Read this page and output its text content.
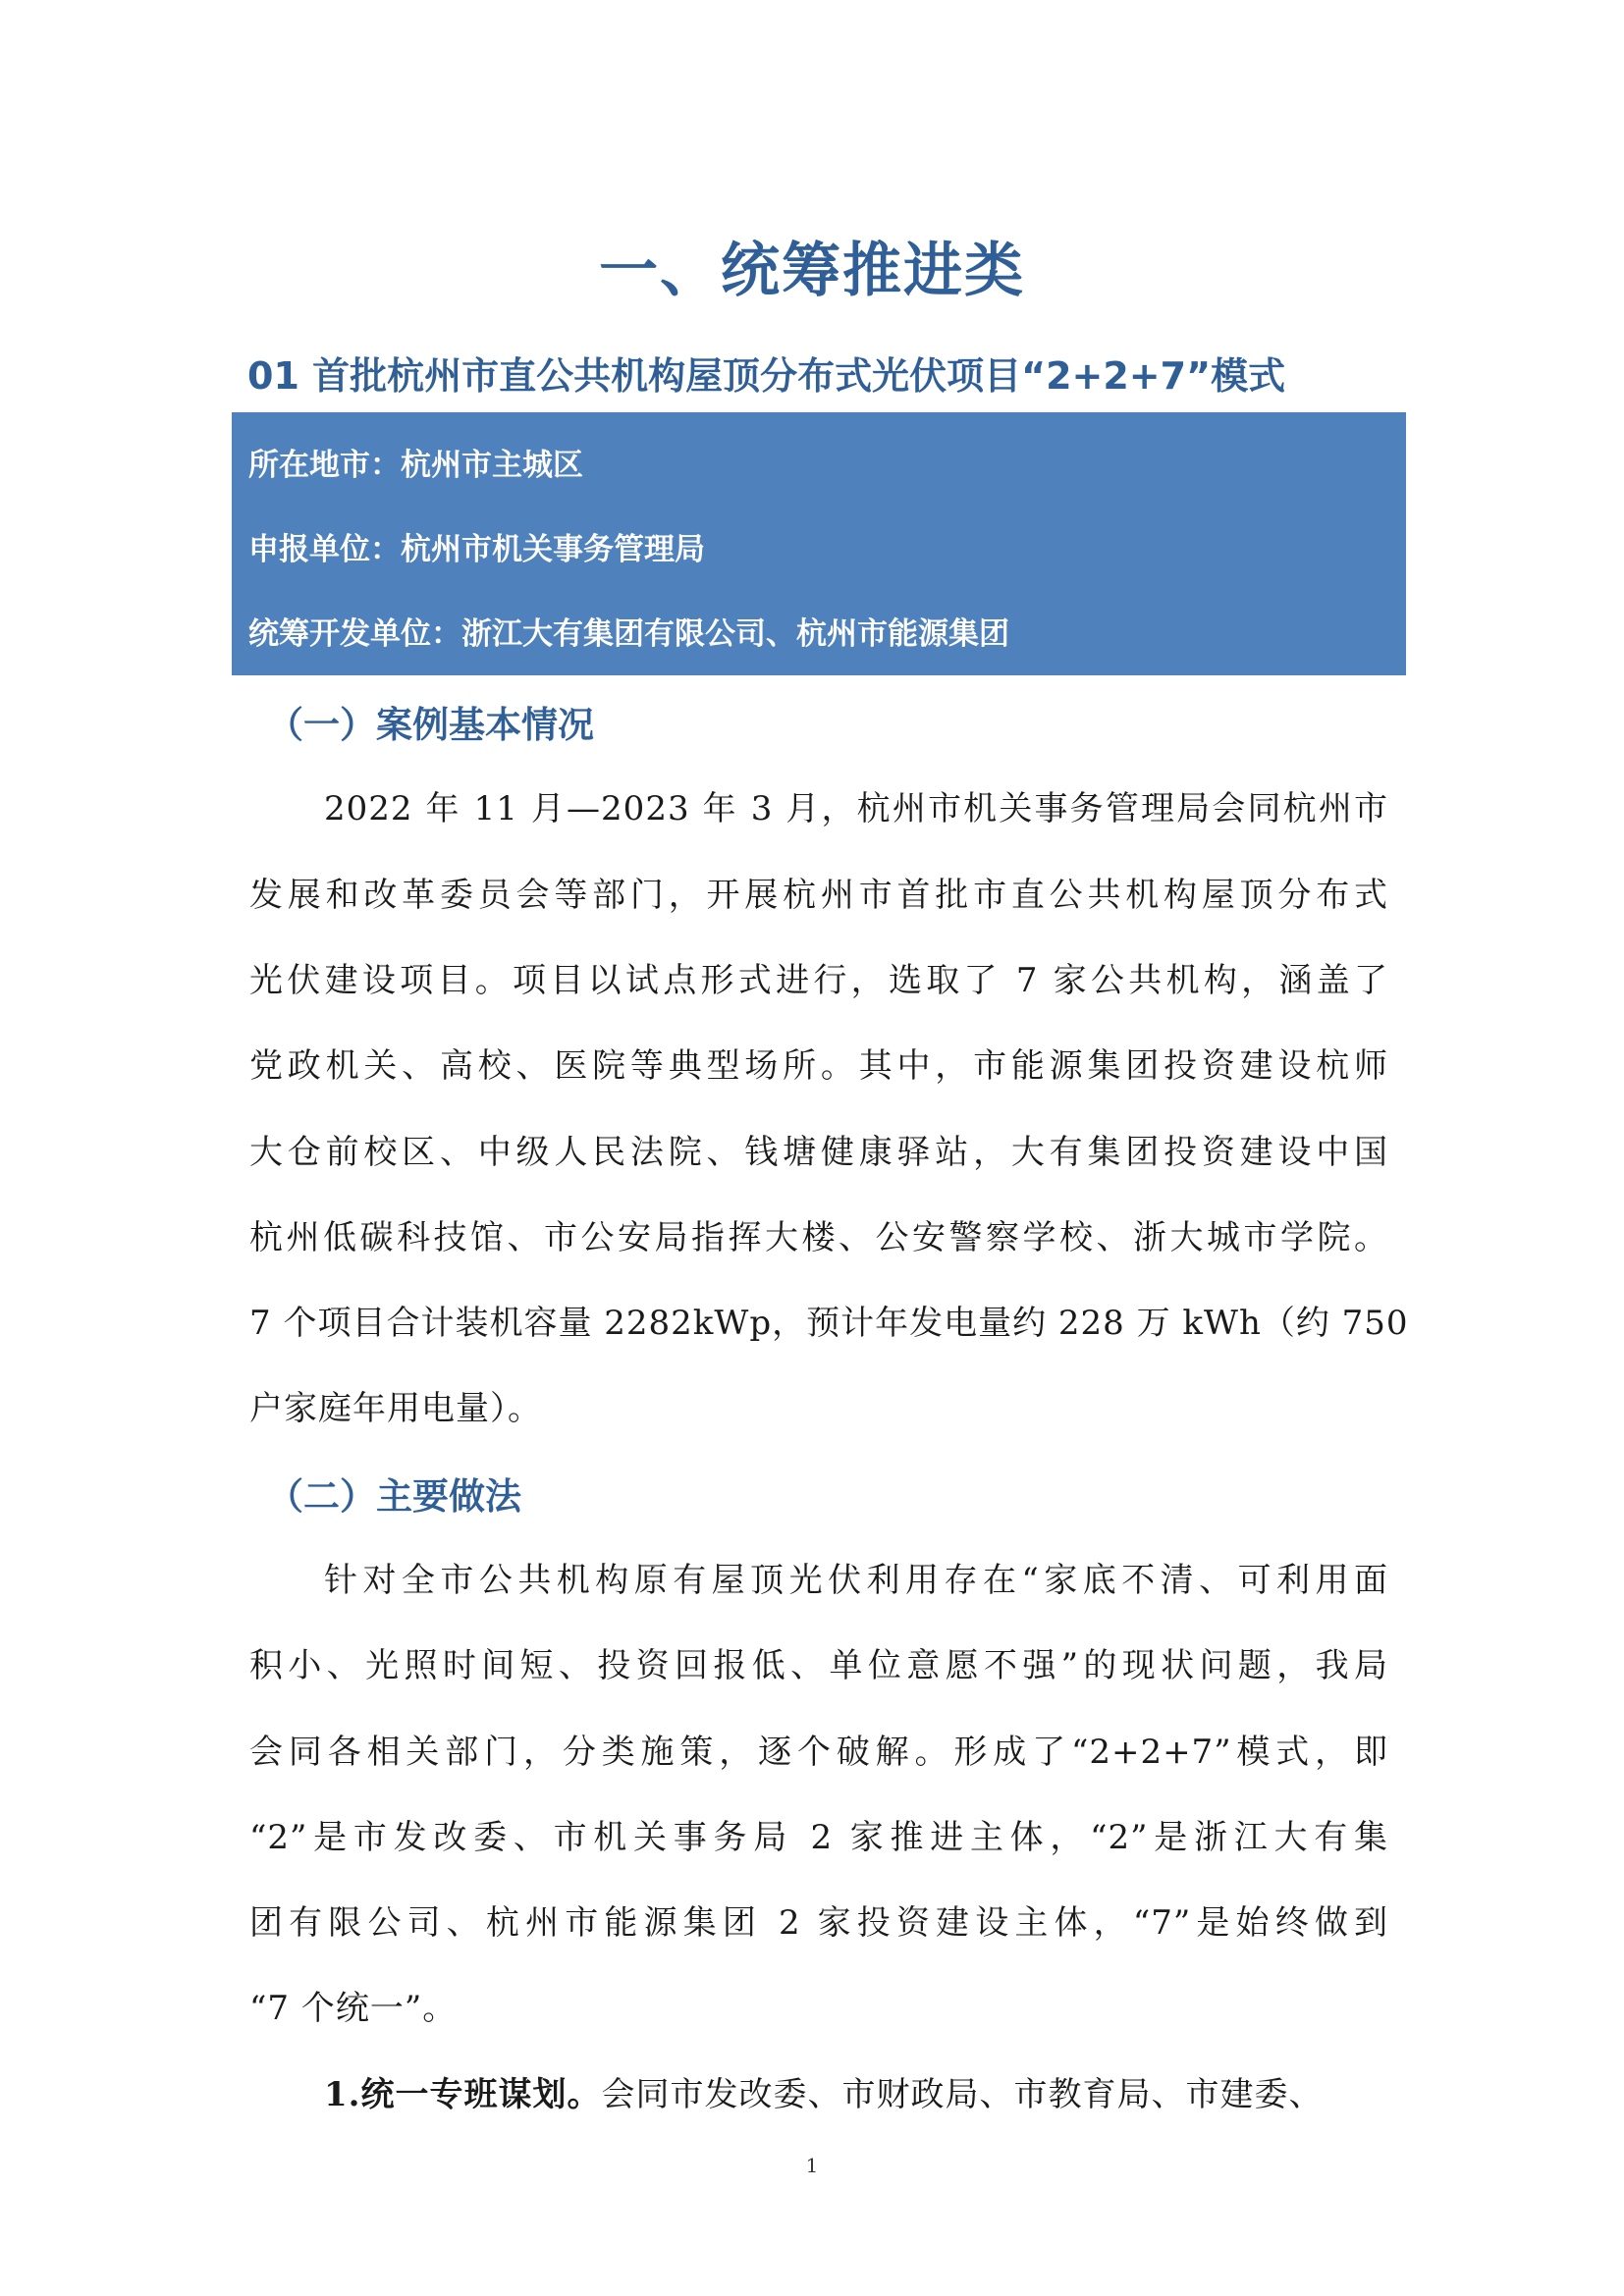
一、统筹推进类
01 首批杭州市直公共机构屋顶分布式光伏项目“2+2+7”模式
所在地市：杭州市主城区
申报单位：杭州市机关事务管理局
统筹开发单位：浙江大有集团有限公司、杭州市能源集团
（一）案例基本情况
2022 年 11 月—2023 年 3 月，杭州市机关事务管理局会同杭州市
发展和改革委员会等部门，开展杭州市首批市直公共机构屋顶分布式
光伏建设项目。项目以试点形式进行，选取了 7 家公共机构，涵盖了
党政机关、高校、医院等典型场所。其中，市能源集团投资建设杭师
大仓前校区、中级人民法院、钱塘健康驿站，大有集团投资建设中国
杭州低碳科技馆、市公安局指挥大楼、公安警察学校、浙大城市学院。
7 个项目合计装机容量 2282kWp，预计年发电量约 228 万 kWh（约 750
户家庭年用电量）。
（二）主要做法
针对全市公共机构原有屋顶光伏利用存在“家底不清、可利用面
积小、光照时间短、投资回报低、单位意愿不强”的现状问题，我局
会同各相关部门，分类施策，逐个破解。形成了“2+2+7”模式，即
“2”是市发改委、市机关事务局 2 家推进主体，“2”是浙江大有集
团有限公司、杭州市能源集团 2 家投资建设主体，“7”是始终做到
“7 个统一”。
1.统一专班谋划。会同市发改委、市财政局、市教育局、市建委、
1
